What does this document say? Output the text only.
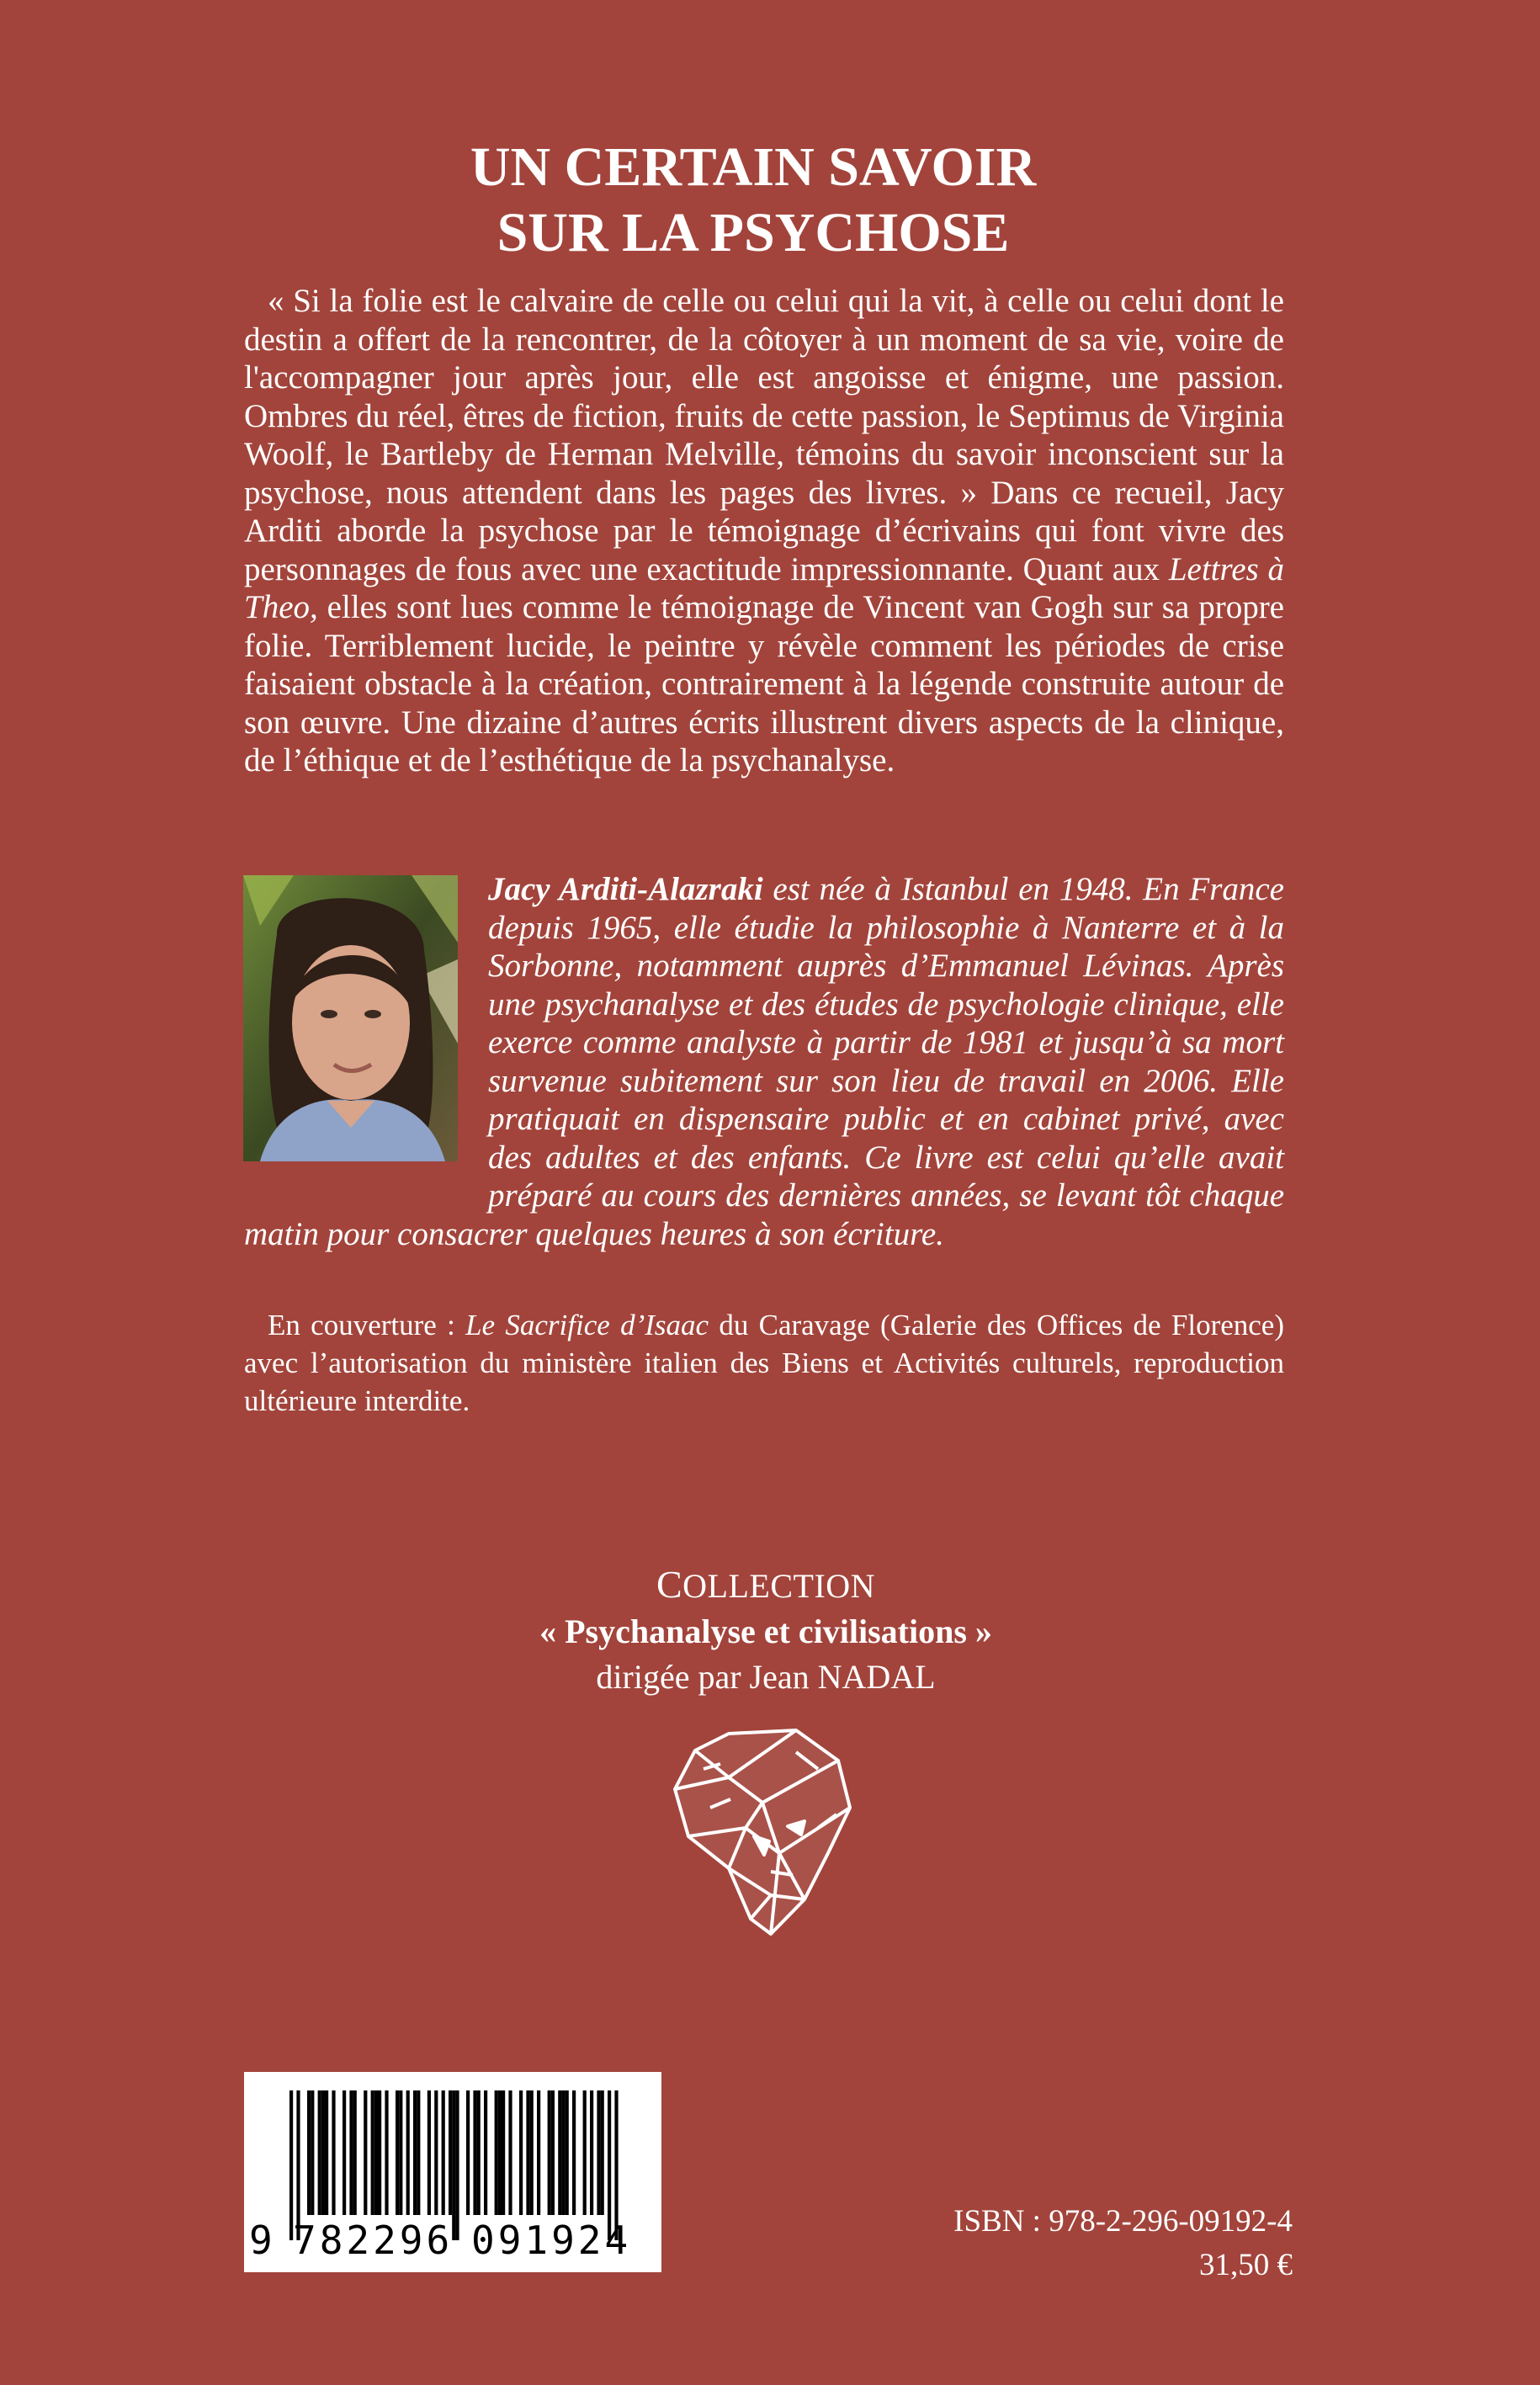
UN CERTAIN SAVOIR
SUR LA PSYCHOSE

« Si la folie est le calvaire de celle ou celui qui la vit, à celle ou celui dont le destin a offert de la rencontrer, de la côtoyer à un moment de sa vie, voire de l'accompagner jour après jour, elle est angoisse et énigme, une passion. Ombres du réel, êtres de fiction, fruits de cette passion, le Septimus de Virginia Woolf, le Bartleby de Herman Melville, témoins du savoir inconscient sur la psychose, nous attendent dans les pages des livres. » Dans ce recueil, Jacy Arditi aborde la psychose par le témoignage d’écrivains qui font vivre des personnages de fous avec une exactitude impressionnante. Quant aux Lettres à Theo, elles sont lues comme le témoignage de Vincent van Gogh sur sa propre folie. Terriblement lucide, le peintre y révèle comment les périodes de crise faisaient obstacle à la création, contrairement à la légende construite autour de son œuvre. Une dizaine d’autres écrits illustrent divers aspects de la clinique, de l’éthique et de l’esthétique de la psychanalyse.

Jacy Arditi-Alazraki est née à Istanbul en 1948. En France depuis 1965, elle étudie la philosophie à Nanterre et à la Sorbonne, notamment auprès d’Emmanuel Lévinas. Après une psychanalyse et des études de psychologie clinique, elle exerce comme analyste à partir de 1981 et jusqu’à sa mort survenue subitement sur son lieu de travail en 2006. Elle pratiquait en dispensaire public et en cabinet privé, avec des adultes et des enfants. Ce livre est celui qu’elle avait préparé au cours des dernières années, se levant tôt chaque matin pour consacrer quelques heures à son écriture.

En couverture : Le Sacrifice d’Isaac du Caravage (Galerie des Offices de Florence) avec l’autorisation du ministère italien des Biens et Activités culturels, reproduction ultérieure interdite.

COLLECTION
« Psychanalyse et civilisations »
dirigée par Jean NADAL
9 782296 091924	ISBN : 978-2-296-09192-4
31,50 €
